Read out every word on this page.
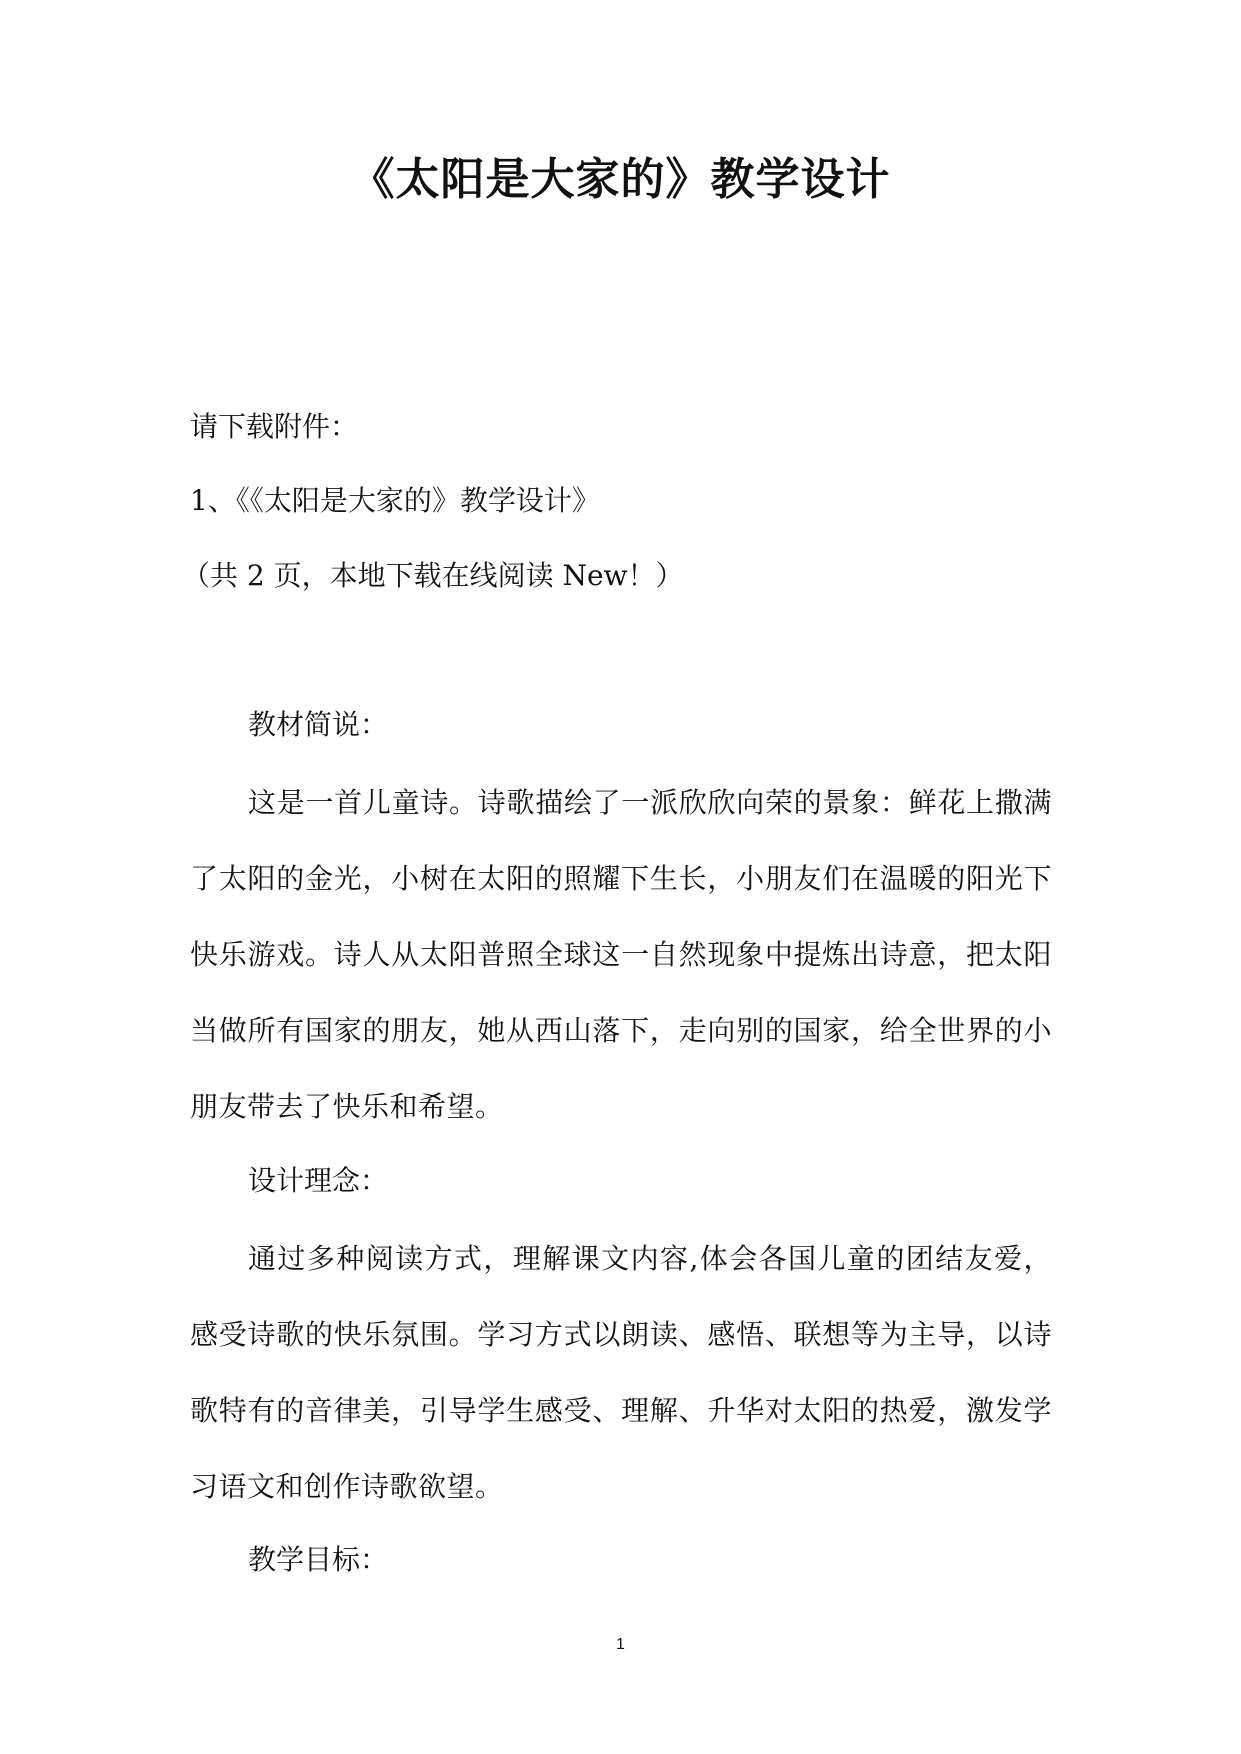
《太阳是大家的》教学设计
请下载附件：
1、《《太阳是大家的》教学设计》
（共 2 页，本地下载在线阅读 New！）
教材简说：
这是一首儿童诗。诗歌描绘了一派欣欣向荣的景象：鲜花上撒满了太阳的金光，小树在太阳的照耀下生长，小朋友们在温暖的阳光下快乐游戏。诗人从太阳普照全球这一自然现象中提炼出诗意，把太阳当做所有国家的朋友，她从西山落下，走向别的国家，给全世界的小朋友带去了快乐和希望。
设计理念：
通过多种阅读方式，理解课文内容,体会各国儿童的团结友爱，感受诗歌的快乐氛围。学习方式以朗读、感悟、联想等为主导，以诗歌特有的音律美，引导学生感受、理解、升华对太阳的热爱，激发学习语文和创作诗歌欲望。
教学目标：
1
